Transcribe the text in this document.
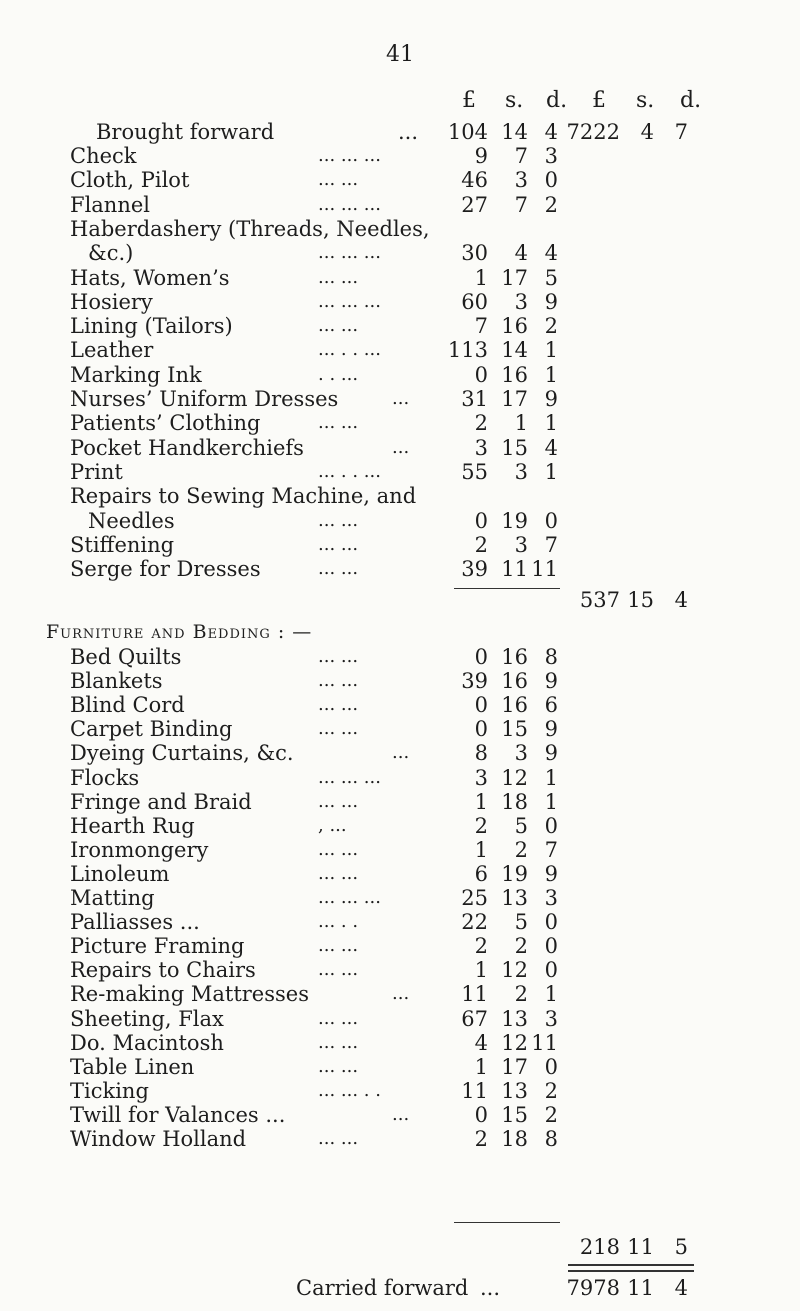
41
£ s. d. £ s. d.
Brought forward	...	104 14 4 7222 4 7
Check	... ... ...	9	7 3
Cloth, Pilot	... ...	46	3 0
Flannel	... ... ...	27	7 2
Haberdashery (Threads, Needles,
&c.)	... ... ...	30	4 4
Hats, Women’s	... ...	1 17 5
Hosiery	... ... ...	60	3 9
Lining (Tailors)	... ...	7 16 2
Leather	... . . ...	113 14 1
Marking Ink	. . ...	0 16 1
Nurses’ Uniform Dresses	...	31 17 9
Patients’ Clothing	... ...	2	1 1
Pocket Handkerchiefs	...	3 15 4
Print	... . . ...	55	3 1
Repairs to Sewing Machine, and
Needles	... ...	0 19 0
Stiffening	... ...	2	3 7
Serge for Dresses	... ...	39 11 11
537 15 4
Furniture and Bedding : —
Bed Quilts	... ...	0 16 8
Blankets	... ...	39 16 9
Blind Cord	... ...	0 16 6
Carpet Binding	... ...	0 15 9
Dyeing Curtains, &c.	...	8	3 9
Flocks	... ... ...	3 12 1
Fringe and Braid	... ...	1 18 1
Hearth Rug	, ...	2	5 0
Ironmongery	... ...	1	2 7
Linoleum	... ...	6 19 9
Matting	... ... ...	25 13 3
Palliasses ...	... . .	22	5 0
Picture Framing	... ...	2	2 0
Repairs to Chairs	... ...	1 12 0
Re-making Mattresses	...	11	2 1
Sheeting, Flax	... ...	67 13 3
Do. Macintosh	... ...	4 12 11
Table Linen	... ...	1 17 0
Ticking	... ... . .	11 13 2
Twill for Valances ...	...	0 15 2
Window Holland	... ...	2 18 8
218 11 5
Carried forward ...	7978 11 4
